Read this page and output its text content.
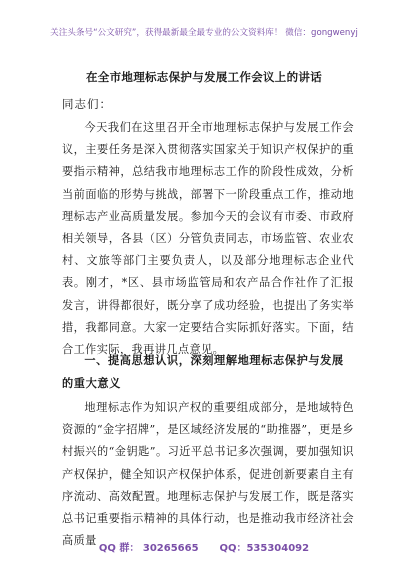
关注头条号“公文研究”，获得最新最全最专业的公文资料库！ 微信：gongwenyj
在全市地理标志保护与发展工作会议上的讲话
同志们：
今天我们在这里召开全市地理标志保护与发展工作会议，主要任务是深入贯彻落实国家关于知识产权保护的重要指示精神，总结我市地理标志工作的阶段性成效，分析当前面临的形势与挑战，部署下一阶段重点工作，推动地理标志产业高质量发展。参加今天的会议有市委、市政府相关领导，各县（区）分管负责同志，市场监管、农业农村、文旅等部门主要负责人，以及部分地理标志企业代表。刚才，*区、县市场监管局和农产品合作社作了汇报发言，讲得都很好，既分享了成功经验，也提出了务实举措，我都同意。大家一定要结合实际抓好落实。下面，结合工作实际，我再讲几点意见。
一、提高思想认识，深刻理解地理标志保护与发展的重大意义
地理标志作为知识产权的重要组成部分，是地域特色资源的“金字招牌”，是区域经济发展的“助推器”，更是乡村振兴的“金钥匙”。习近平总书记多次强调，要加强知识产权保护，健全知识产权保护体系，促进创新要素自主有序流动、高效配置。地理标志保护与发展工作，既是落实总书记重要指示精神的具体行动，也是推动我市经济社会高质量
QQ 群： 30265665 QQ：535304092
